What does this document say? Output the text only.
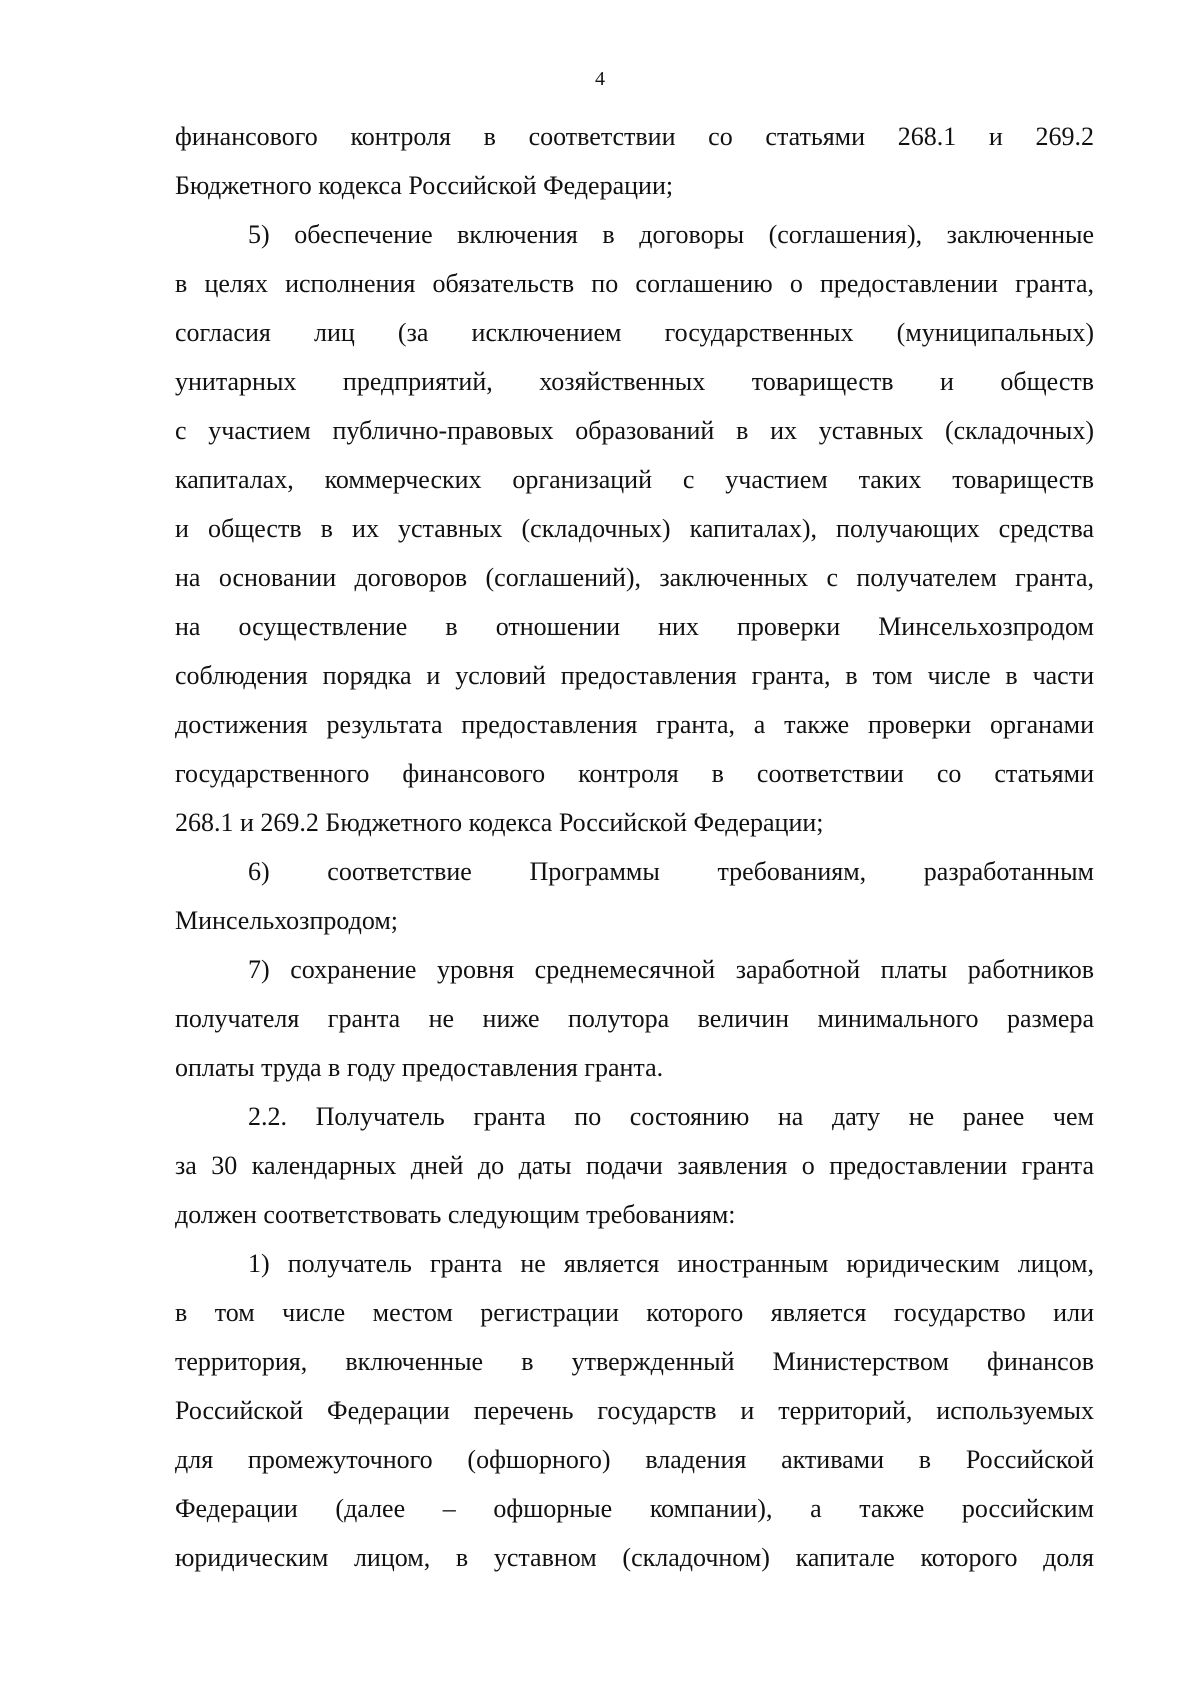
4
финансового контроля в соответствии со статьями 268.1 и 269.2
Бюджетного кодекса Российской Федерации;
5) обеспечение включения в договоры (соглашения), заключенные
в целях исполнения обязательств по соглашению о предоставлении гранта,
согласия лиц (за исключением государственных (муниципальных)
унитарных предприятий, хозяйственных товариществ и обществ
с участием публично-правовых образований в их уставных (складочных)
капиталах, коммерческих организаций с участием таких товариществ
и обществ в их уставных (складочных) капиталах), получающих средства
на основании договоров (соглашений), заключенных с получателем гранта,
на осуществление в отношении них проверки Минсельхозпродом
соблюдения порядка и условий предоставления гранта, в том числе в части
достижения результата предоставления гранта, а также проверки органами
государственного финансового контроля в соответствии со статьями
268.1 и 269.2 Бюджетного кодекса Российской Федерации;
6) соответствие Программы требованиям, разработанным
Минсельхозпродом;
7) сохранение уровня среднемесячной заработной платы работников
получателя гранта не ниже полутора величин минимального размера
оплаты труда в году предоставления гранта.
2.2. Получатель гранта по состоянию на дату не ранее чем
за 30 календарных дней до даты подачи заявления о предоставлении гранта
должен соответствовать следующим требованиям:
1) получатель гранта не является иностранным юридическим лицом,
в том числе местом регистрации которого является государство или
территория, включенные в утвержденный Министерством финансов
Российской Федерации перечень государств и территорий, используемых
для промежуточного (офшорного) владения активами в Российской
Федерации (далее – офшорные компании), а также российским
юридическим лицом, в уставном (складочном) капитале которого доля
